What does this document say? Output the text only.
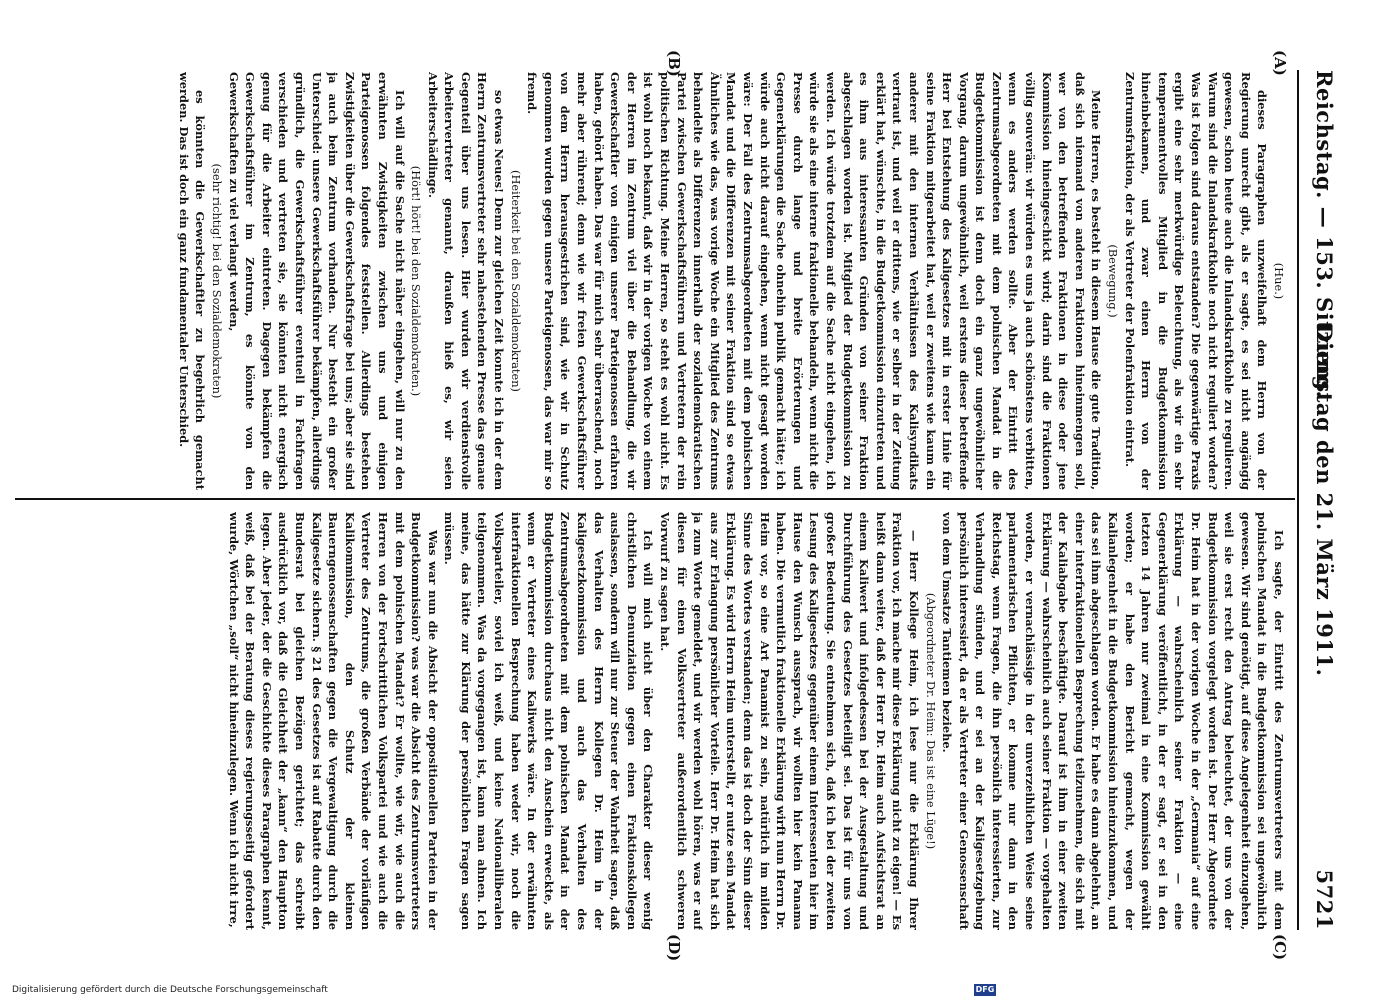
Reichstag. — 153. Sitzung.
Dienstag den 21. März 1911.
5721
(A)
(B)
(C)
(D)

(Hue.)

dieses Paragraphen unzweifelhaft dem Herrn von der Regierung unrecht gibt, als er sagte, es sei nicht angängig gewesen, schon heute auch die Inlandskraftkohle zu regulieren. Warum sind die Inlandskraftkohle noch nicht reguliert worden? Was ist Folgen sind daraus entstanden? Die gegenwärtige Praxis ergibt eine sehr merkwürdige Beleuchtung, als wir ein sehr temperamentvolles Mitglied in die Budgetkommission hineinbekamen, und zwar einen Herrn von der Zentrumsfraktion, der als Vertreter der Polenfraktion eintrat.

(Bewegung.)

Meine Herren, es besteht in diesem Hause die gute Tradition, daß sich niemand von anderen Fraktionen hineinmengen soll, wer von den betreffenden Fraktionen in diese oder jene Kommission hineingeschickt wird; darin sind die Fraktionen völlig souverän: wir würden es uns ja auch schönstens verbitten, wenn es anders werden sollte. Aber der Eintritt des Zentrumsabgeordneten mit dem polnischen Mandat in die Budgetkommission ist denn doch ein ganz ungewöhnlicher Vorgang, darum ungewöhnlich, weil erstens dieser betreffende Herr bei Entstehung des Kaligesetzes mit in erster Linie für seine Fraktion mitgearbeitet hat, weil er zweitens wie kaum ein anderer mit den internen Verhältnissen des Kalisyndikats vertraut ist, und weil er drittens, wie er selber in der Zeitung erklärt hat, wünschte, in die Budgetkommission einzutreten und es ihm aus interessanten Gründen von seiner Fraktion abgeschlagen worden ist. Mitglied der Budgetkommission zu werden. Ich würde trotzdem auf die Sache nicht eingehen, ich würde sie als eine interne fraktionelle behandeln, wenn nicht die Presse durch lange und breite Erörterungen und Gegenerklärungen die Sache ohnehin publik gemacht hätte; ich würde auch nicht darauf eingehen, wenn nicht gesagt worden wäre: Der Fall des Zentrumsabgeordneten mit dem polnischen Mandat und die Differenzen mit seiner Fraktion sind so etwas Ähnliches wie das, was vorige Woche ein Mitglied des Zentrums behandelte als Differenzen innerhalb der sozialdemokratischen Partei zwischen Gewerkschaftsführern und Vertretern der rein politischen Richtung. Meine Herren, so steht es wohl nicht. Es ist wohl noch bekannt, daß wir in der vorigen Woche von einem der Herren im Zentrum viel über die Behandlung, die wir Gewerkschaftler von einigen unserer Parteigenossen erfahren haben, gehört haben. Das war für mich sehr überraschend, noch mehr aber rührend; denn wie wir freien Gewerkschaftsführer von dem Herrn herausgestrichen sind, wie wir in Schutz genommen wurden gegen unsere Parteigenossen, das war mir so fremd.

(Heiterkeit bei den Sozialdemokraten)

so etwas Neues! Denn zur gleichen Zeit konnte ich in der dem Herrn Zentrumsvertreter sehr nahestehenden Presse das genaue Gegenteil über uns lesen. Hier wurden wir verdienstvolle Arbeitervertreter genannt, draußen hieß es, wir seien Arbeiterschädlinge.

(Hört! hört! bei den Sozialdemokraten.)

Ich will auf die Sache nicht näher eingehen, will nur zu den erwähnten Zwistigkeiten zwischen uns und einigen Parteigenossen folgendes feststellen. Allerdings bestehen Zwistigkeiten über die Gewerkschaftsfrage bei uns; aber sie sind ja auch beim Zentrum vorhanden. Nur besteht ein großer Unterschied: unsere Gewerkschaftsführer bekämpfen, allerdings gründlich, die Gewerkschaftsführer eventuell in Fachfragen verschieden und vertreten sie, sie könnten nicht energisch genug für die Arbeiter eintreten. Dagegen bekämpfen die Gewerkschaftsführer im Zentrum, es könnte von den Gewerkschaften zu viel verlangt werden,

(sehr richtig! bei den Sozialdemokraten)

es könnten die Gewerkschaftler zu begehrlich gemacht werden. Das ist doch ein ganz fundamentaler Unterschied.

Ich sagte, der Eintritt des Zentrumsvertreters mit dem polnischen Mandat in die Budgetkommission sei ungewöhnlich gewesen. Wir sind genötigt, auf diese Angelegenheit einzugehen, weil sie erst recht den Antrag beleuchtet, der uns von der Budgetkommission vorgelegt worden ist. Der Herr Abgeordnete Dr. Heim hat in der vorigen Woche in der „Germania“ auf eine Erklärung — wahrscheinlich seiner Fraktion — eine Gegenerklärung veröffentlicht, in der er sagt, er sei in den letzten 14 Jahren nur zweimal in eine Kommission gewählt worden; er habe den Bericht gemacht, wegen der Kalianlegenheit in die Budgetkommission hineinzukommen, und das sei ihm abgeschlagen worden. Er habe es dann abgelehnt, an einer interfraktionellen Besprechung teilzunehmen, die sich mit der Kaliabgabe beschäftigte. Darauf ist ihm in einer zweiten Erklärung — wahrscheinlich auch seiner Fraktion — vorgehalten worden, er vernachlässige in der unverzeihlichen Weise seine parlamentarischen Pflichten, er komme nur dann in den Reichstag, wenn Fragen, die ihn persönlich interessierten, zur Verhandlung stünden, und er sei an der Kaligesetzgebung persönlich interessiert, da er als Vertreter einer Genossenschaft von dem Umsatze Tantiemen beziehe.

(Abgeordneter Dr. Heim: Das ist eine Lüge!)

— Herr Kollege Heim, ich lese nur die Erklärung Ihrer Fraktion vor, ich mache mir diese Erklärung nicht zu eigen! — Es heißt dann weiter, daß der Herr Dr. Heim auch Aufsichtsrat an einem Kaliwert und infolgedessen bei der Ausgestaltung und Durchführung des Gesetzes beteiligt sei. Das ist für uns von großer Bedeutung. Sie entnehmen sich, daß ich bei der zweiten Lesung des Kaligesetzes gegenüber einem Interessenten hier im Hause den Wunsch aussprach, wir wollten hier kein Panama haben. Die vermutlich fraktionelle Erklärung wirft nun Herrn Dr. Heim vor, so eine Art Panamist zu sein, natürlich im milden Sinne des Wortes verstanden; denn das ist doch der Sinn dieser Erklärung. Es wird Herrn Heim unterstellt, er nutze sein Mandat aus zur Erlangung persönlicher Vorteile. Herr Dr. Heim hat sich ja zum Worte gemeldet, und wir werden wohl hören, was er auf diesen für einen Volksvertreter außerordentlich schweren Vorwurf zu sagen hat.

Ich will mich nicht über den Charakter dieser wenig christlichen Denunziation gegen einen Fraktionskollegen auslassen, sondern will nur zur Steuer der Wahrheit sagen, daß das Verhalten des Herrn Kollegen Dr. Heim in der Kaligesetzkommission und auch das Verhalten des Zentrumsabgeordneten mit dem polnischen Mandat in der Budgetkommission durchaus nicht den Anschein erweckte, als wenn er Vertreter eines Kaliwerks wäre. In der erwähnten interfraktionellen Besprechung haben weder wir, noch die Volksparteiler, soviel ich weiß, und keine Nationalliberalen teilgenommen. Was da vorgegangen ist, kann man ahnen. Ich meine, das hätte zur Klärung der persönlichen Fragen sagen müssen.

Was war nun die Absicht der oppositionellen Parteien in der Budgetkommission? was war die Absicht des Zentrumsvertreters mit dem polnischen Mandat? Er wollte, wie wir, wie auch die Herren von der Fortschrittlichen Volkspartei und wie auch die Vertreter des Zentrums, die großen Verbände der vorläufigen Kalikommission, den Schutz der kleinen Bauerngenossenschaften gegen die Vergewaltigung durch die Kaligesetze sichern. § 21 des Gesetzes ist auf Rabatte durch den Bundesrat bei gleichen Bezügen gerichtet; das schreibt ausdrücklich vor, daß die Gleichheit der „kann“ den Hauptton legen. Aber jeder, der die Geschichte dieses Paragraphen kennt, weiß, daß bei der Beratung dieses regierungsseitig gefordert wurde, Wörtchen „soll“ nicht hineinzulegen. Wenn ich nicht irre,

Digitalisierung gefördert durch die Deutsche Forschungsgemeinschaft	DFG
